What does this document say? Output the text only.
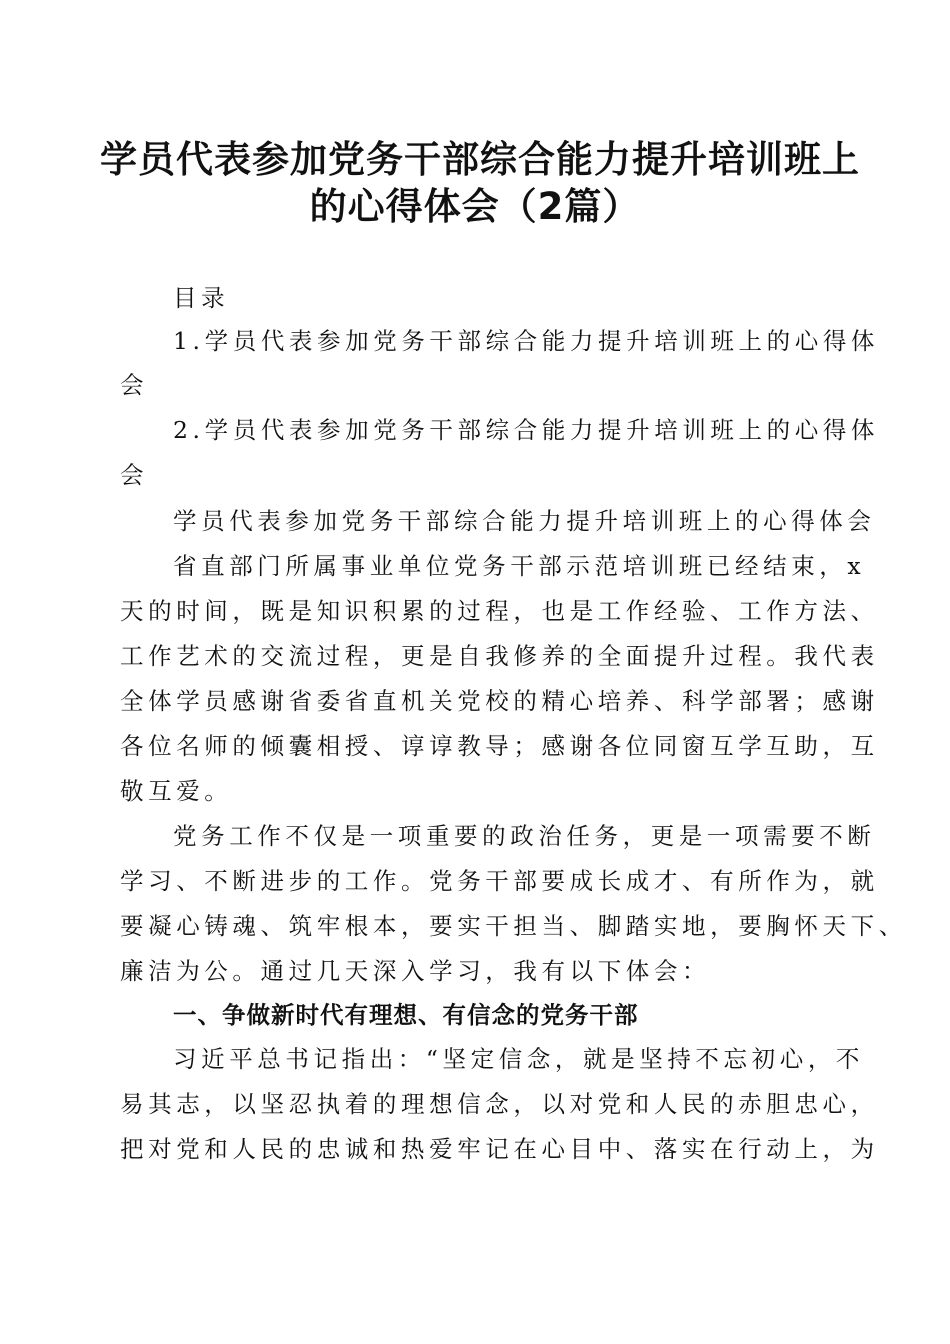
学员代表参加党务干部综合能力提升培训班上
的心得体会（2篇）
目录
1.学员代表参加党务干部综合能力提升培训班上的心得体
会
2.学员代表参加党务干部综合能力提升培训班上的心得体
会
学员代表参加党务干部综合能力提升培训班上的心得体会
省直部门所属事业单位党务干部示范培训班已经结束，x
天的时间，既是知识积累的过程，也是工作经验、工作方法、
工作艺术的交流过程，更是自我修养的全面提升过程。我代表
全体学员感谢省委省直机关党校的精心培养、科学部署；感谢
各位名师的倾囊相授、谆谆教导；感谢各位同窗互学互助，互
敬互爱。
党务工作不仅是一项重要的政治任务，更是一项需要不断
学习、不断进步的工作。党务干部要成长成才、有所作为，就
要凝心铸魂、筑牢根本，要实干担当、脚踏实地，要胸怀天下、
廉洁为公。通过几天深入学习，我有以下体会：
一、争做新时代有理想、有信念的党务干部
习近平总书记指出：“坚定信念，就是坚持不忘初心，不
易其志，以坚忍执着的理想信念，以对党和人民的赤胆忠心，
把对党和人民的忠诚和热爱牢记在心目中、落实在行动上，为
